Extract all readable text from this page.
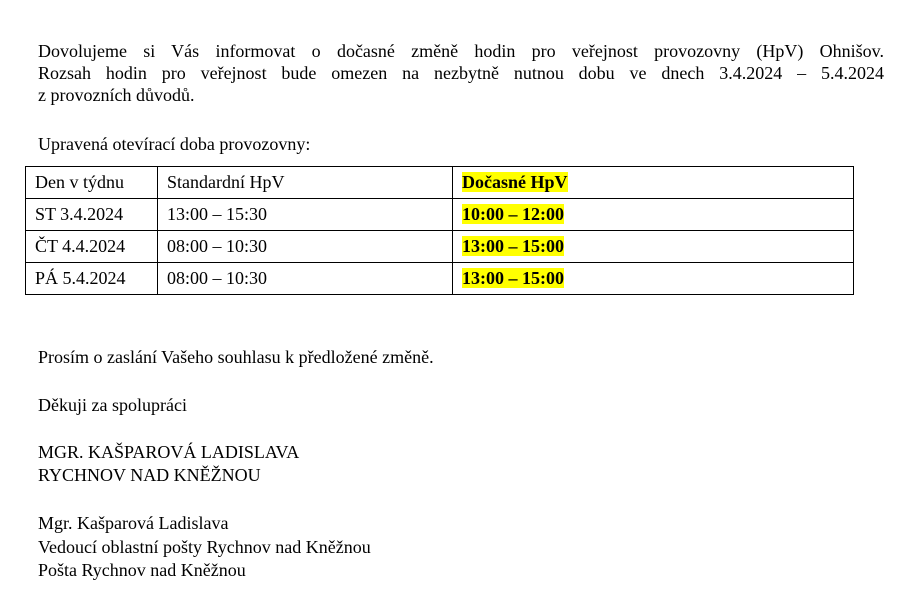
Dovolujeme si Vás informovat o dočasné změně hodin pro veřejnost provozovny (HpV) Ohnišov.
Rozsah hodin pro veřejnost bude omezen na nezbytně nutnou dobu ve dnech 3.4.2024 – 5.4.2024
z provozních důvodů.

Upravená otevírací doba provozovny:

Den v týdnu	Standardní HpV	Dočasné HpV
ST 3.4.2024	13:00 – 15:30	10:00 – 12:00
ČT 4.4.2024	08:00 – 10:30	13:00 – 15:00
PÁ 5.4.2024	08:00 – 10:30	13:00 – 15:00

Prosím o zaslání Vašeho souhlasu k předložené změně.

Děkuji za spolupráci

MGR. KAŠPAROVÁ LADISLAVA

RYCHNOV NAD KNĚŽNOU

Mgr. Kašparová Ladislava

Vedoucí oblastní pošty Rychnov nad Kněžnou

Pošta Rychnov nad Kněžnou
